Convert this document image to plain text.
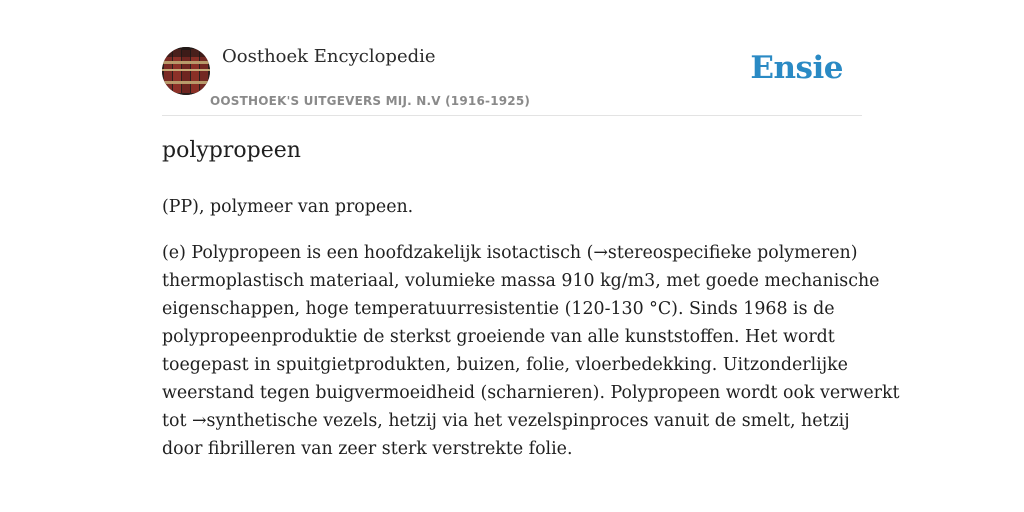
Oosthoek Encyclopedie
OOSTHOEK'S UITGEVERS MIJ. N.V (1916-1925)
Ensie
polypropeen

(PP), polymeer van propeen.

(e) Polypropeen is een hoofdzakelijk isotactisch (→stereospecifieke polymeren)
thermoplastisch materiaal, volumieke massa 910 kg/m3, met goede mechanische
eigenschappen, hoge temperatuurresistentie (120-130 °C). Sinds 1968 is de
polypropeenproduktie de sterkst groeiende van alle kunststoffen. Het wordt
toegepast in spuitgietprodukten, buizen, folie, vloerbedekking. Uitzonderlijke
weerstand tegen buigvermoeidheid (scharnieren). Polypropeen wordt ook verwerkt
tot →synthetische vezels, hetzij via het vezelspinproces vanuit de smelt, hetzij
door fibrilleren van zeer sterk verstrekte folie.
